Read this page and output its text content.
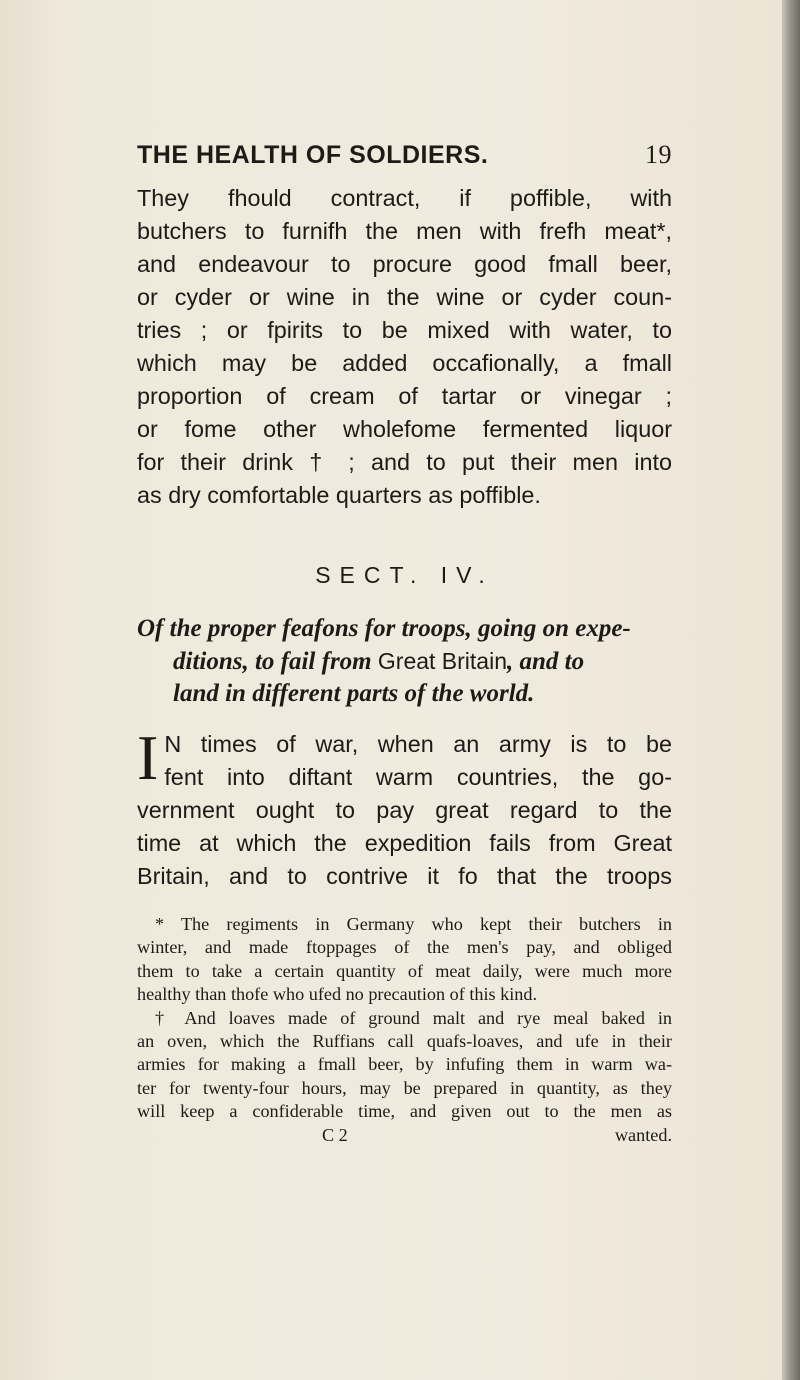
THE HEALTH OF SOLDIERS.	19

They fhould contract, if poffible, with
butchers to furnifh the men with frefh meat*,
and endeavour to procure good fmall beer,
or cyder or wine in the wine or cyder coun-
tries ; or fpirits to be mixed with water, to
which may be added occafionally, a fmall
proportion of cream of tartar or vinegar ;
or fome other wholefome fermented liquor
for their drink † ; and to put their men into
as dry comfortable quarters as poffible.

SECT. IV.
Of the proper feafons for troops, going on expe-
ditions, to fail from Great Britain, and to
land in different parts of the world.

I N times of war, when an army is to be
fent into diftant warm countries, the go-
vernment ought to pay great regard to the
time at which the expedition fails from Great
Britain, and to contrive it fo that the troops

* The regiments in Germany who kept their butchers in
winter, and made ftoppages of the men's pay, and obliged
them to take a certain quantity of meat daily, were much more
healthy than thofe who ufed no precaution of this kind.
† And loaves made of ground malt and rye meal baked in
an oven, which the Ruffians call quafs-loaves, and ufe in their
armies for making a fmall beer, by infufing them in warm wa-
ter for twenty-four hours, may be prepared in quantity, as they
will keep a confiderable time, and given out to the men as
C 2	wanted.
